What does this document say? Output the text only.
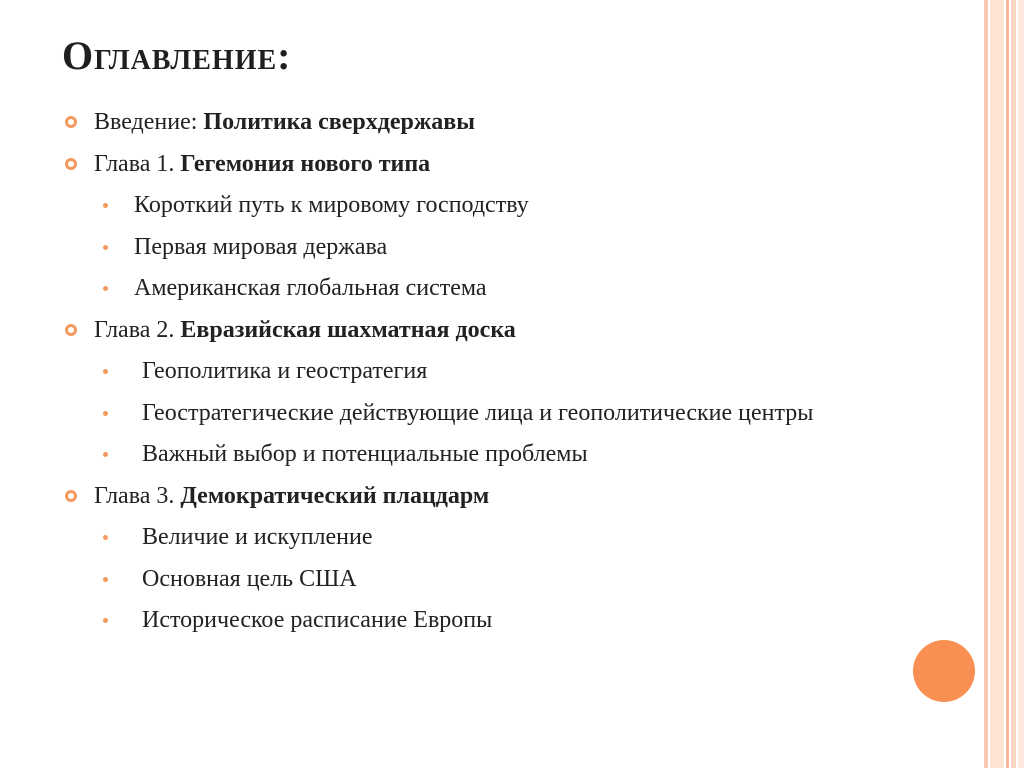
Оглавление:
Введение: Политика сверхдержавы
Глава 1. Гегемония нового типа
Короткий путь к мировому господству
Первая мировая держава
Американская глобальная система
Глава 2. Евразийская шахматная доска
Геополитика и геостратегия
Геостратегические действующие лица и геополитические центры
Важный выбор и потенциальные проблемы
Глава 3. Демократический плацдарм
Величие и искупление
Основная цель США
Историческое расписание Европы
